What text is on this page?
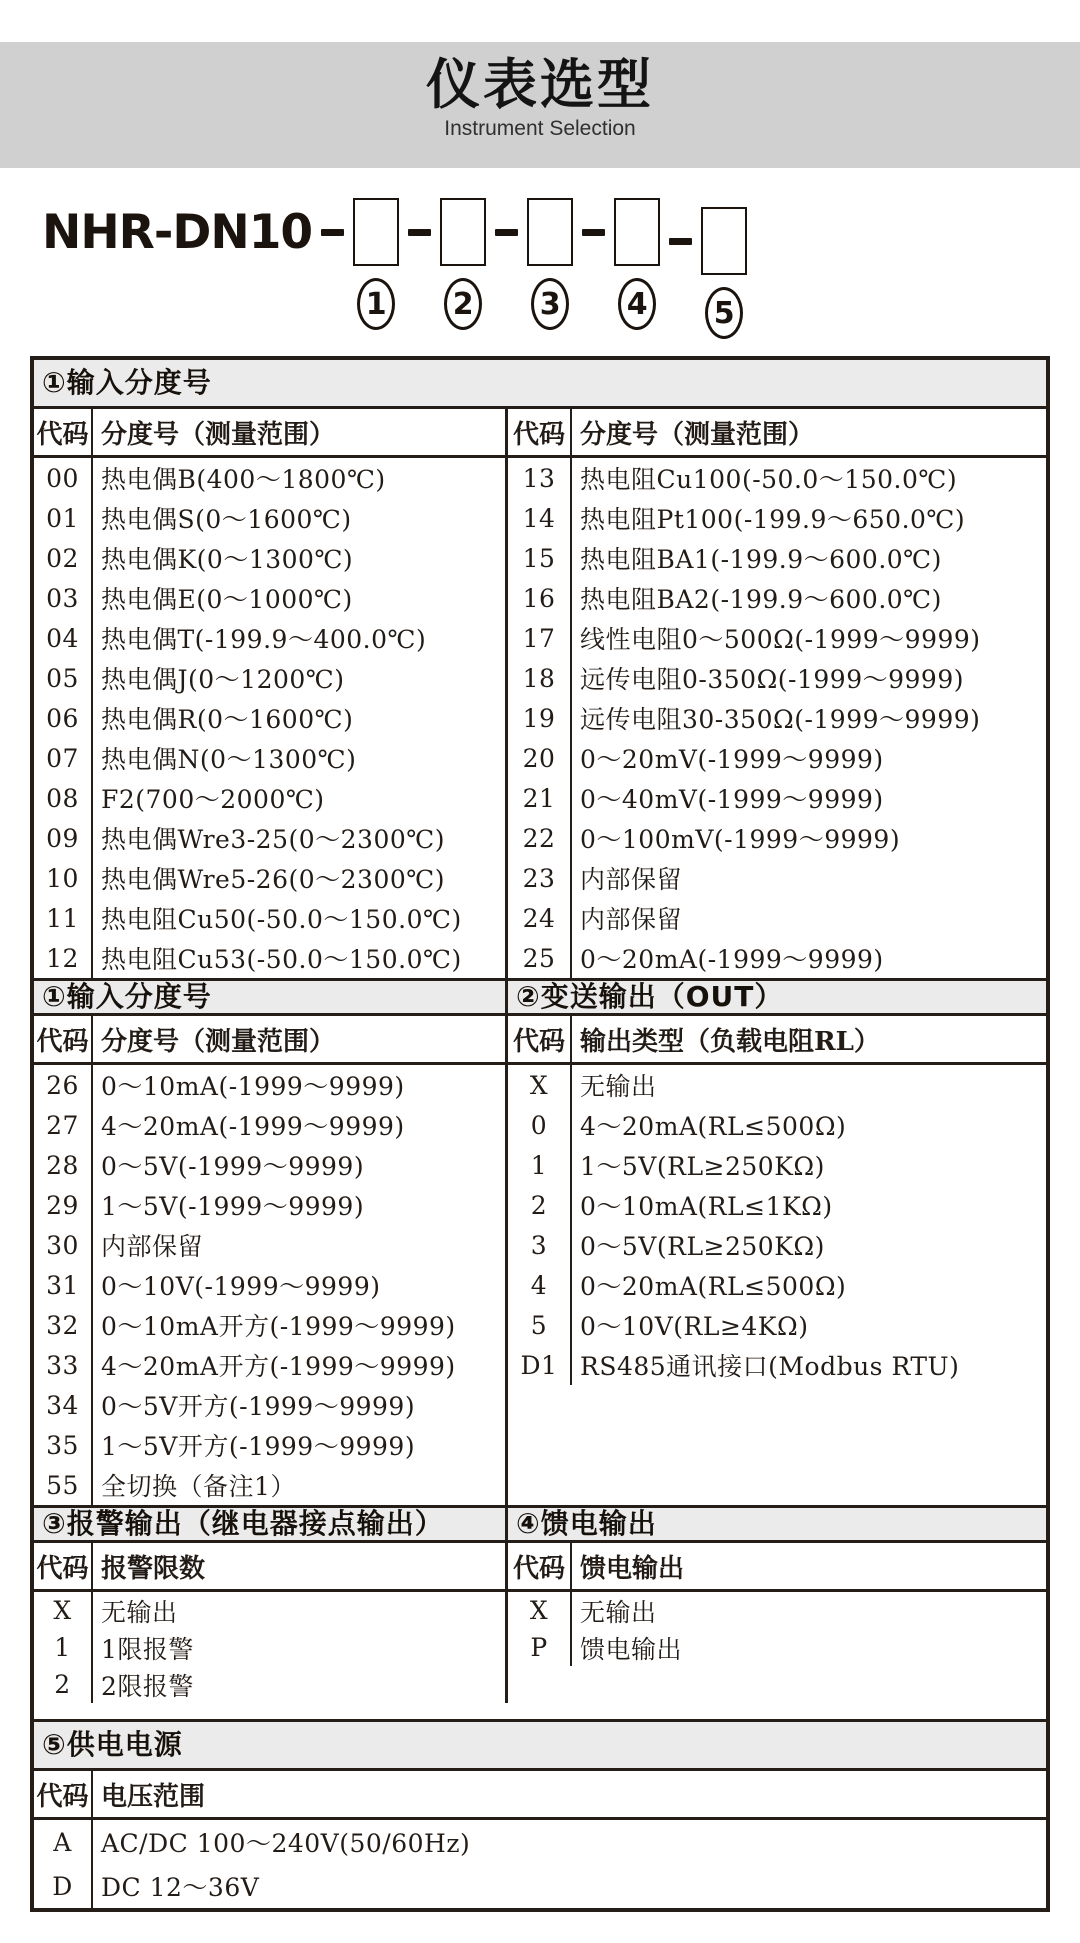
仪表选型
Instrument Selection
NHR-DN10
1 2 3 4 5
①输入分度号
代码 分度号（测量范围）	代码 分度号（测量范围）
00 热电偶B(400～1800℃)
01 热电偶S(0～1600℃)
02 热电偶K(0～1300℃)
03 热电偶E(0～1000℃)
04 热电偶T(-199.9～400.0℃)
05 热电偶J(0～1200℃)
06 热电偶R(0～1600℃)
07 热电偶N(0～1300℃)
08 F2(700～2000℃)
09 热电偶Wre3-25(0～2300℃)
10 热电偶Wre5-26(0～2300℃)
11 热电阻Cu50(-50.0～150.0℃)
12 热电阻Cu53(-50.0～150.0℃)
13 热电阻Cu100(-50.0～150.0℃)
14 热电阻Pt100(-199.9～650.0℃)
15 热电阻BA1(-199.9～600.0℃)
16 热电阻BA2(-199.9～600.0℃)
17 线性电阻0～500Ω(-1999～9999)
18 远传电阻0-350Ω(-1999～9999)
19 远传电阻30-350Ω(-1999～9999)
20 0～20mV(-1999～9999)
21 0～40mV(-1999～9999)
22 0～100mV(-1999～9999)
23 内部保留
24 内部保留
25 0～20mA(-1999～9999)
①输入分度号	②变送输出（OUT）
代码 分度号（测量范围）	代码 输出类型（负载电阻RL）
26 0～10mA(-1999～9999)
27 4～20mA(-1999～9999)
28 0～5V(-1999～9999)
29 1～5V(-1999～9999)
30 内部保留
31 0～10V(-1999～9999)
32 0～10mA开方(-1999～9999)
33 4～20mA开方(-1999～9999)
34 0～5V开方(-1999～9999)
35 1～5V开方(-1999～9999)
55 全切换（备注1）
X	无输出
0	4～20mA(RL≤500Ω)
1	1～5V(RL≥250KΩ)
2	0～10mA(RL≤1KΩ)
3	0～5V(RL≥250KΩ)
4	0～20mA(RL≤500Ω)
5	0～10V(RL≥4KΩ)
D1 RS485通讯接口(Modbus RTU)
③报警输出（继电器接点输出）	④馈电输出
代码 报警限数	代码 馈电输出
X	无输出
1	1限报警
2	2限报警
X	无输出
P	馈电输出
⑤供电电源
代码 电压范围
A	AC/DC 100～240V(50/60Hz)
D	DC 12～36V
